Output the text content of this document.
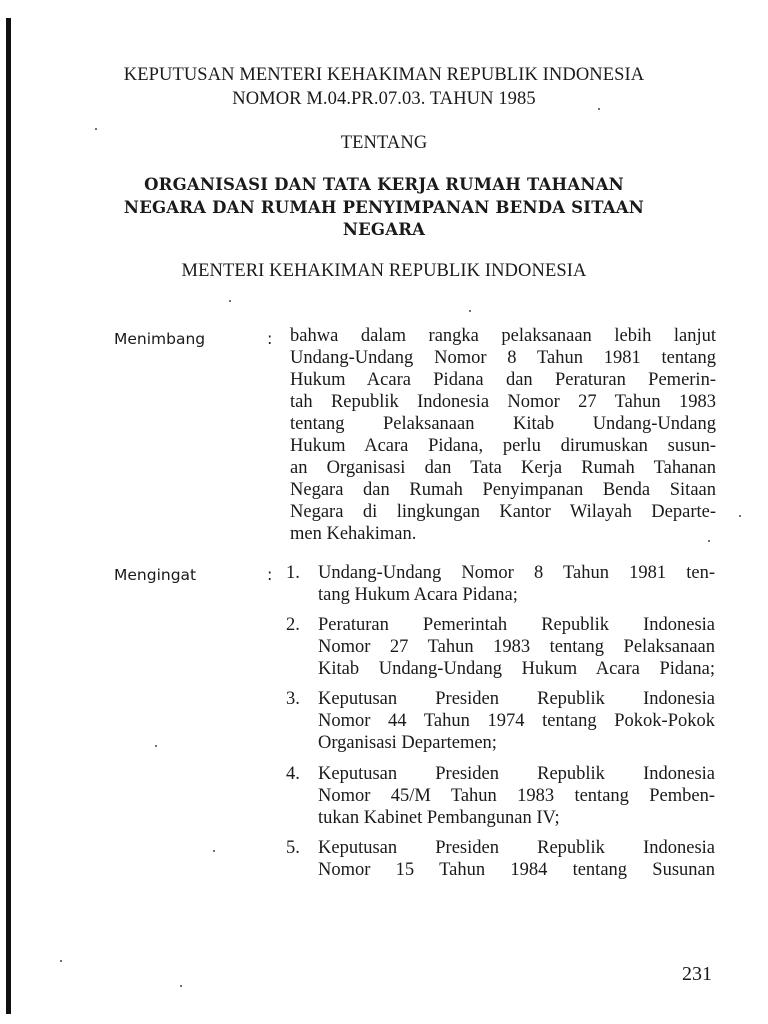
KEPUTUSAN MENTERI KEHAKIMAN REPUBLIK INDONESIA
NOMOR M.04.PR.07.03. TAHUN 1985
TENTANG
ORGANISASI DAN TATA KERJA RUMAH TAHANAN
NEGARA DAN RUMAH PENYIMPANAN BENDA SITAAN
NEGARA
MENTERI KEHAKIMAN REPUBLIK INDONESIA
Menimbang	: bahwa dalam rangka pelaksanaan lebih lanjut
Undang-Undang Nomor 8 Tahun 1981 tentang
Hukum Acara Pidana dan Peraturan Pemerin-
tah Republik Indonesia Nomor 27 Tahun 1983
tentang Pelaksanaan Kitab Undang-Undang
Hukum Acara Pidana, perlu dirumuskan susun-
an Organisasi dan Tata Kerja Rumah Tahanan
Negara dan Rumah Penyimpanan Benda Sitaan
Negara di lingkungan Kantor Wilayah Departe-
men Kehakiman.
Mengingat	: 1. Undang-Undang Nomor 8 Tahun 1981 ten-
tang Hukum Acara Pidana;
2. Peraturan Pemerintah Republik Indonesia
Nomor 27 Tahun 1983 tentang Pelaksanaan
Kitab Undang-Undang Hukum Acara Pidana;
3. Keputusan Presiden Republik Indonesia
Nomor 44 Tahun 1974 tentang Pokok-Pokok
Organisasi Departemen;
4. Keputusan Presiden Republik Indonesia
Nomor 45/M Tahun 1983 tentang Pemben-
tukan Kabinet Pembangunan IV;
5. Keputusan Presiden Republik Indonesia
Nomor 15 Tahun 1984 tentang Susunan
231
